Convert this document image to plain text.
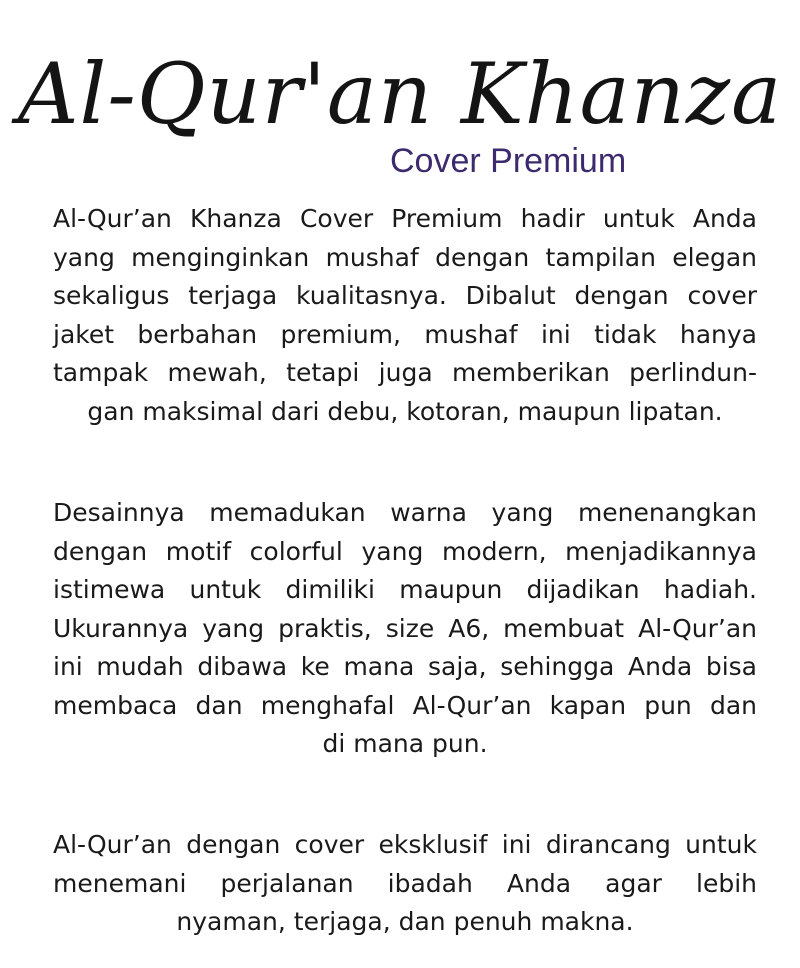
Al-Qur'an Khanza
Cover Premium
Al-Qur’an Khanza Cover Premium hadir untuk Anda
yang menginginkan mushaf dengan tampilan elegan
sekaligus terjaga kualitasnya. Dibalut dengan cover
jaket berbahan premium, mushaf ini tidak hanya
tampak mewah, tetapi juga memberikan perlindun-
gan maksimal dari debu, kotoran, maupun lipatan.
Desainnya memadukan warna yang menenangkan
dengan motif colorful yang modern, menjadikannya
istimewa untuk dimiliki maupun dijadikan hadiah.
Ukurannya yang praktis, size A6, membuat Al-Qur’an
ini mudah dibawa ke mana saja, sehingga Anda bisa
membaca dan menghafal Al-Qur’an kapan pun dan
di mana pun.
Al-Qur’an dengan cover eksklusif ini dirancang untuk
menemani perjalanan ibadah Anda agar lebih
nyaman, terjaga, dan penuh makna.
